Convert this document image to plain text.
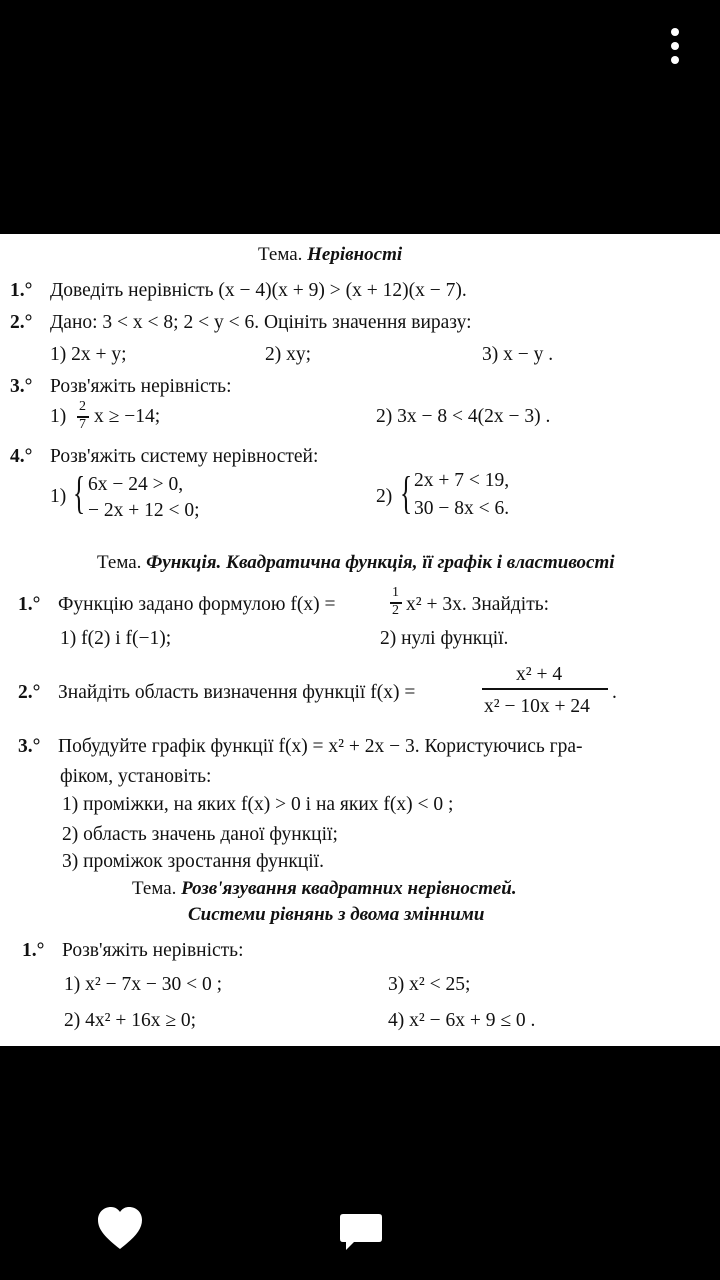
Тема. Нерівності
1.° Доведіть нерівність (x − 4)(x + 9) > (x + 12)(x − 7).
2.° Дано: 3 < x < 8; 2 < y < 6. Оцініть значення виразу:
1) 2x + y;	2) xy;	3) x − y .
3.° Розв'яжіть нерівність:
1) 2
7 x ≥ −14;	2) 3x − 8 < 4(2x − 3) .
4.° Розв'яжіть систему нерівностей:
1) { 6x − 24 > 0,
− 2x + 12 < 0;
2) { 2x + 7 < 19,
30 − 8x < 6.
Тема. Функція. Квадратична функція, її графік і властивості
1.° Функцію задано формулою f(x) =
1
2 x² + 3x. Знайдіть:
1) f(2) і f(−1);	2) нулі функції.
2.° Знайдіть область визначення функції f(x) =
x² + 4
x² − 10x + 24
.
3.° Побудуйте графік функції f(x) = x² + 2x − 3. Користуючись гра-
фіком, установіть:
1) проміжки, на яких f(x) > 0 і на яких f(x) < 0 ;
2) область значень даної функції;
3) проміжок зростання функції.
Тема. Розв'язування квадратних нерівностей.
Системи рівнянь з двома змінними
1.° Розв'яжіть нерівність:
1) x² − 7x − 30 < 0 ;	3) x² < 25;
2) 4x² + 16x ≥ 0;	4) x² − 6x + 9 ≤ 0 .
